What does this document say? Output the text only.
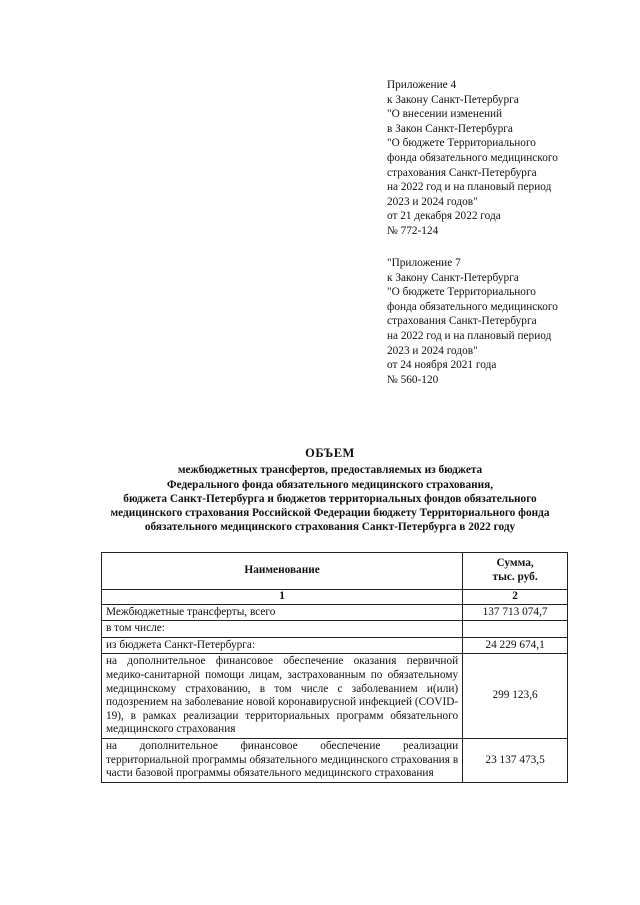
Приложение 4
к Закону Санкт-Петербурга
"О внесении изменений
в Закон Санкт-Петербурга
"О бюджете Территориального
фонда обязательного медицинского
страхования Санкт-Петербурга
на 2022 год и на плановый период
2023 и 2024 годов"
от 21 декабря 2022 года
№ 772-124
"Приложение 7
к Закону Санкт-Петербурга
"О бюджете Территориального
фонда обязательного медицинского
страхования Санкт-Петербурга
на 2022 год и на плановый период
2023 и 2024 годов"
от 24 ноября 2021 года
№ 560-120
ОБЪЕМ
межбюджетных трансфертов, предоставляемых из бюджета
Федерального фонда обязательного медицинского страхования,
бюджета Санкт-Петербурга и бюджетов территориальных фондов обязательного
медицинского страхования Российской Федерации бюджету Территориального фонда
обязательного медицинского страхования Санкт-Петербурга в 2022 году
Наименование	Сумма,
тыс. руб.
1	2
Межбюджетные трансферты, всего	137 713 074,7
в том числе:	
из бюджета Санкт-Петербурга:	24 229 674,1
на дополнительное финансовое обеспечение оказания первичной медико-санитарной помощи лицам, застрахованным по обязательному медицинскому страхованию, в том числе с заболеванием и(или) подозрением на заболевание новой коронавирусной инфекцией (COVID-19), в рамках реализации территориальных программ обязательного медицинского страхования	299 123,6
на дополнительное финансовое обеспечение реализации территориальной программы обязательного медицинского страхования в части базовой программы обязательного медицинского страхования	23 137 473,5
